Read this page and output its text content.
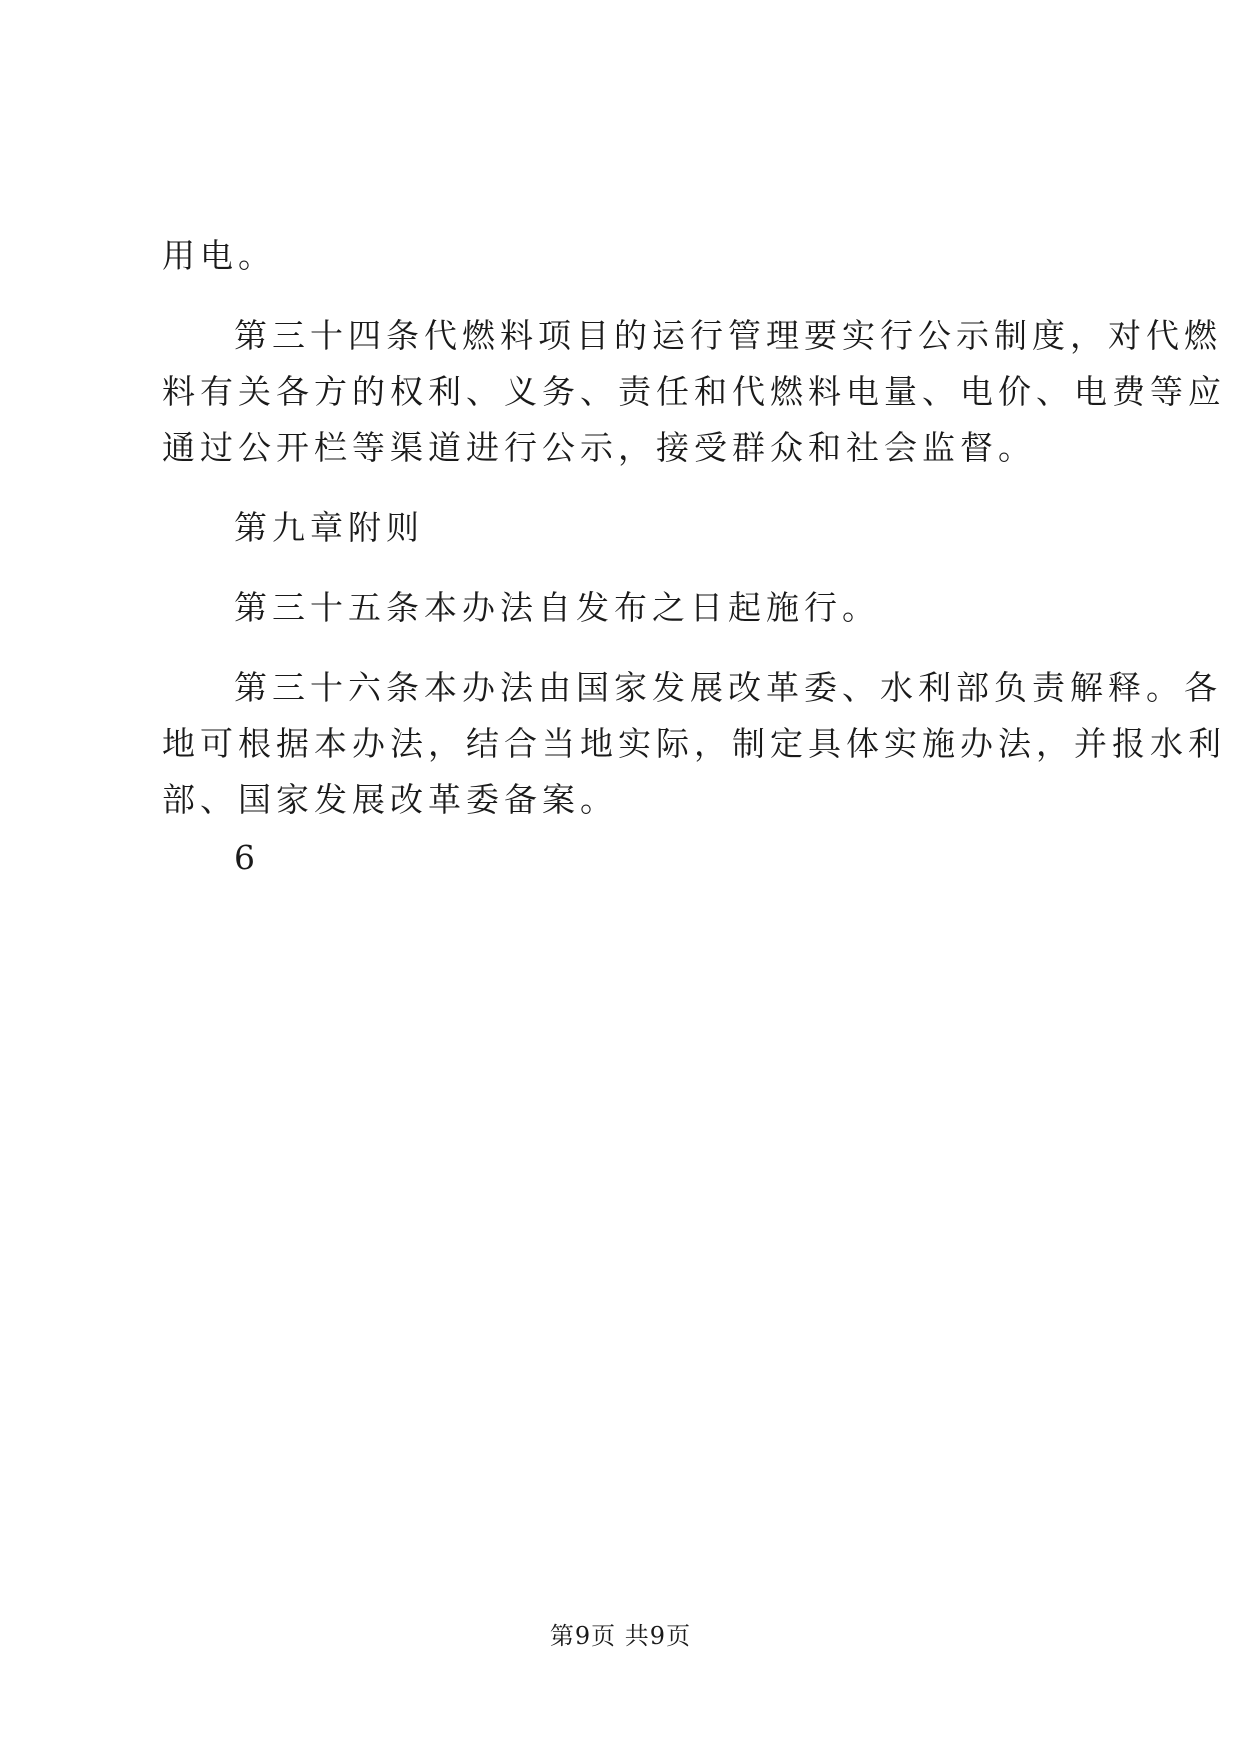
用电。
第三十四条代燃料项目的运行管理要实行公示制度，对代燃
料有关各方的权利、义务、责任和代燃料电量、电价、电费等应
通过公开栏等渠道进行公示，接受群众和社会监督。
第九章附则
第三十五条本办法自发布之日起施行。
第三十六条本办法由国家发展改革委、水利部负责解释。各
地可根据本办法，结合当地实际，制定具体实施办法，并报水利
部、国家发展改革委备案。
6
第9页 共9页
